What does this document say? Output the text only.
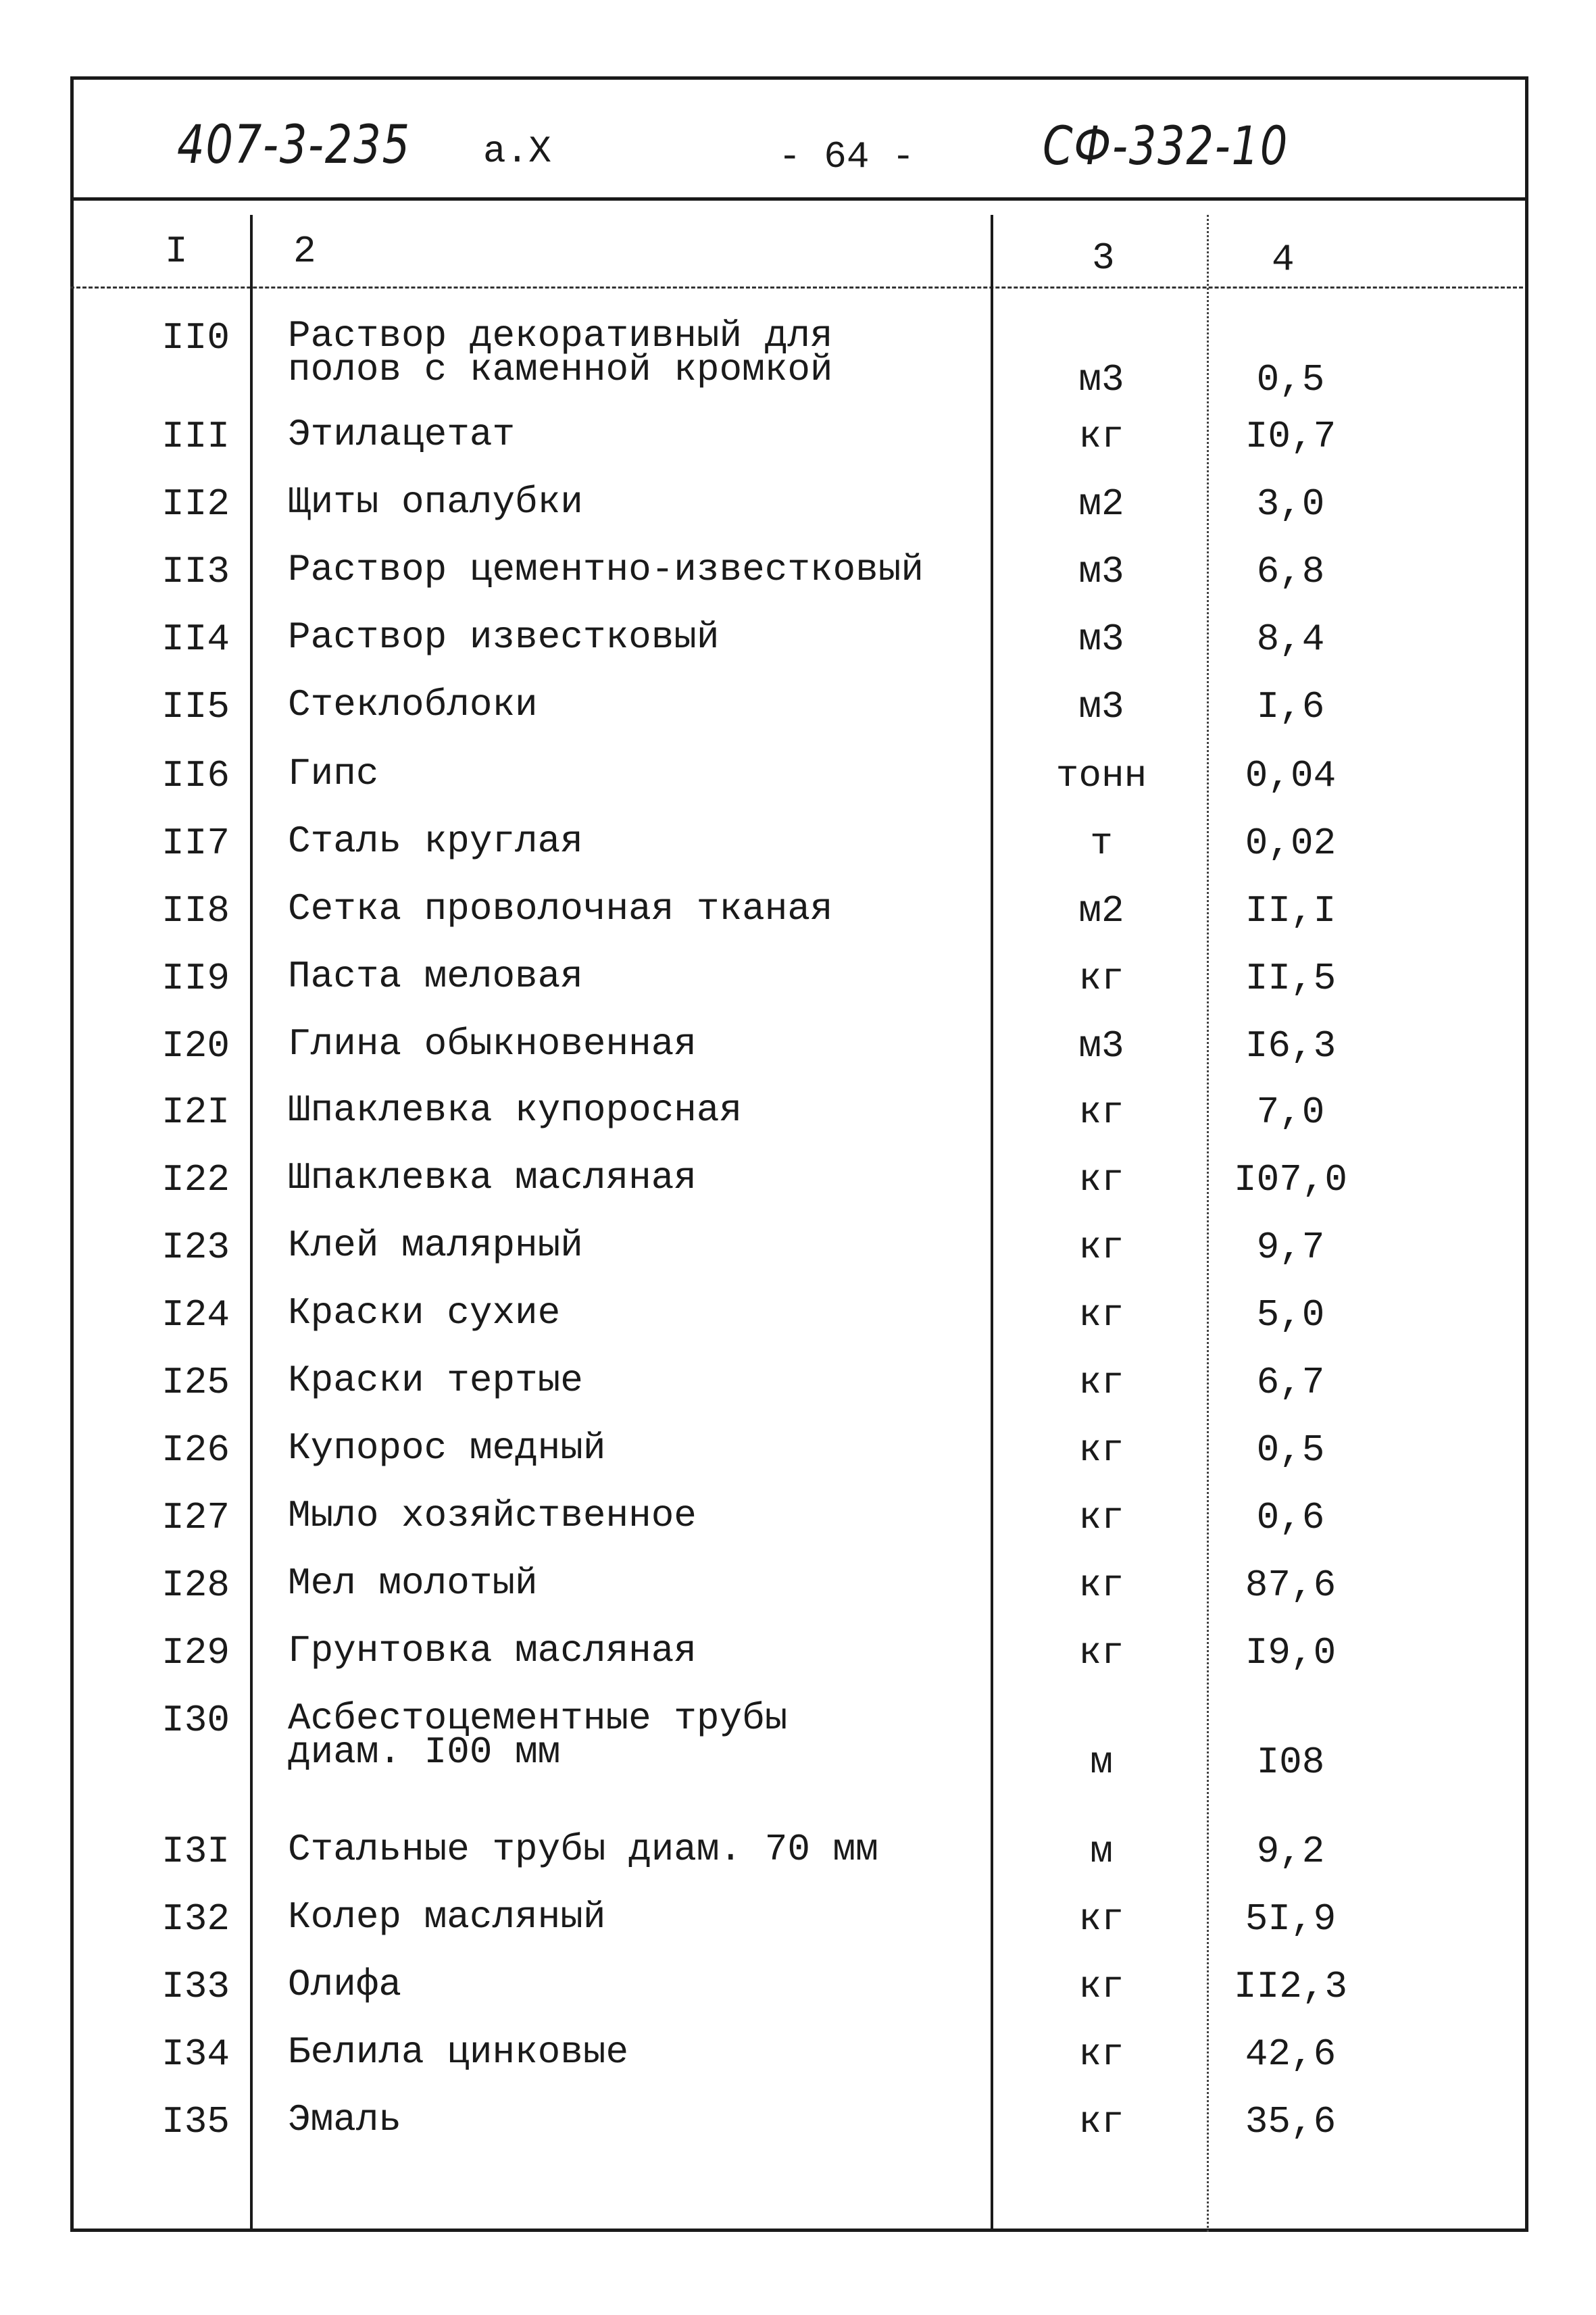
407-3-235 а.Х	- 64 - СФ-332-10
I	2	3	4
II0 Раствор декоративный для
полов с каменной кромкой	м3	0,5
III Этилацетат	кг	I0,7
II2 Щиты опалубки	м2	3,0
II3 Раствор цементно-известковый	м3	6,8
II4 Раствор известковый	м3	8,4
II5 Стеклоблоки	м3	I,6
II6 Гипс	тонн	0,04
II7 Сталь круглая	т	0,02
II8 Сетка проволочная тканая	м2	II,I
II9 Паста меловая	кг	II,5
I20 Глина обыкновенная	м3	I6,3
I2I Шпаклевка купоросная	кг	7,0
I22 Шпаклевка масляная	кг	I07,0
I23 Клей малярный	кг	9,7
I24 Краски сухие	кг	5,0
I25 Краски тертые	кг	6,7
I26 Купорос медный	кг	0,5
I27 Мыло хозяйственное	кг	0,6
I28 Мел молотый	кг	87,6
I29 Грунтовка масляная	кг	I9,0
I30 Асбестоцементные трубы
диам. I00 мм	м	I08
I3I Стальные трубы диам. 70 мм	м	9,2
I32 Колер масляный	кг	5I,9
I33 Олифа	кг	II2,3
I34 Белила цинковые	кг	42,6
I35 Эмаль	кг	35,6
